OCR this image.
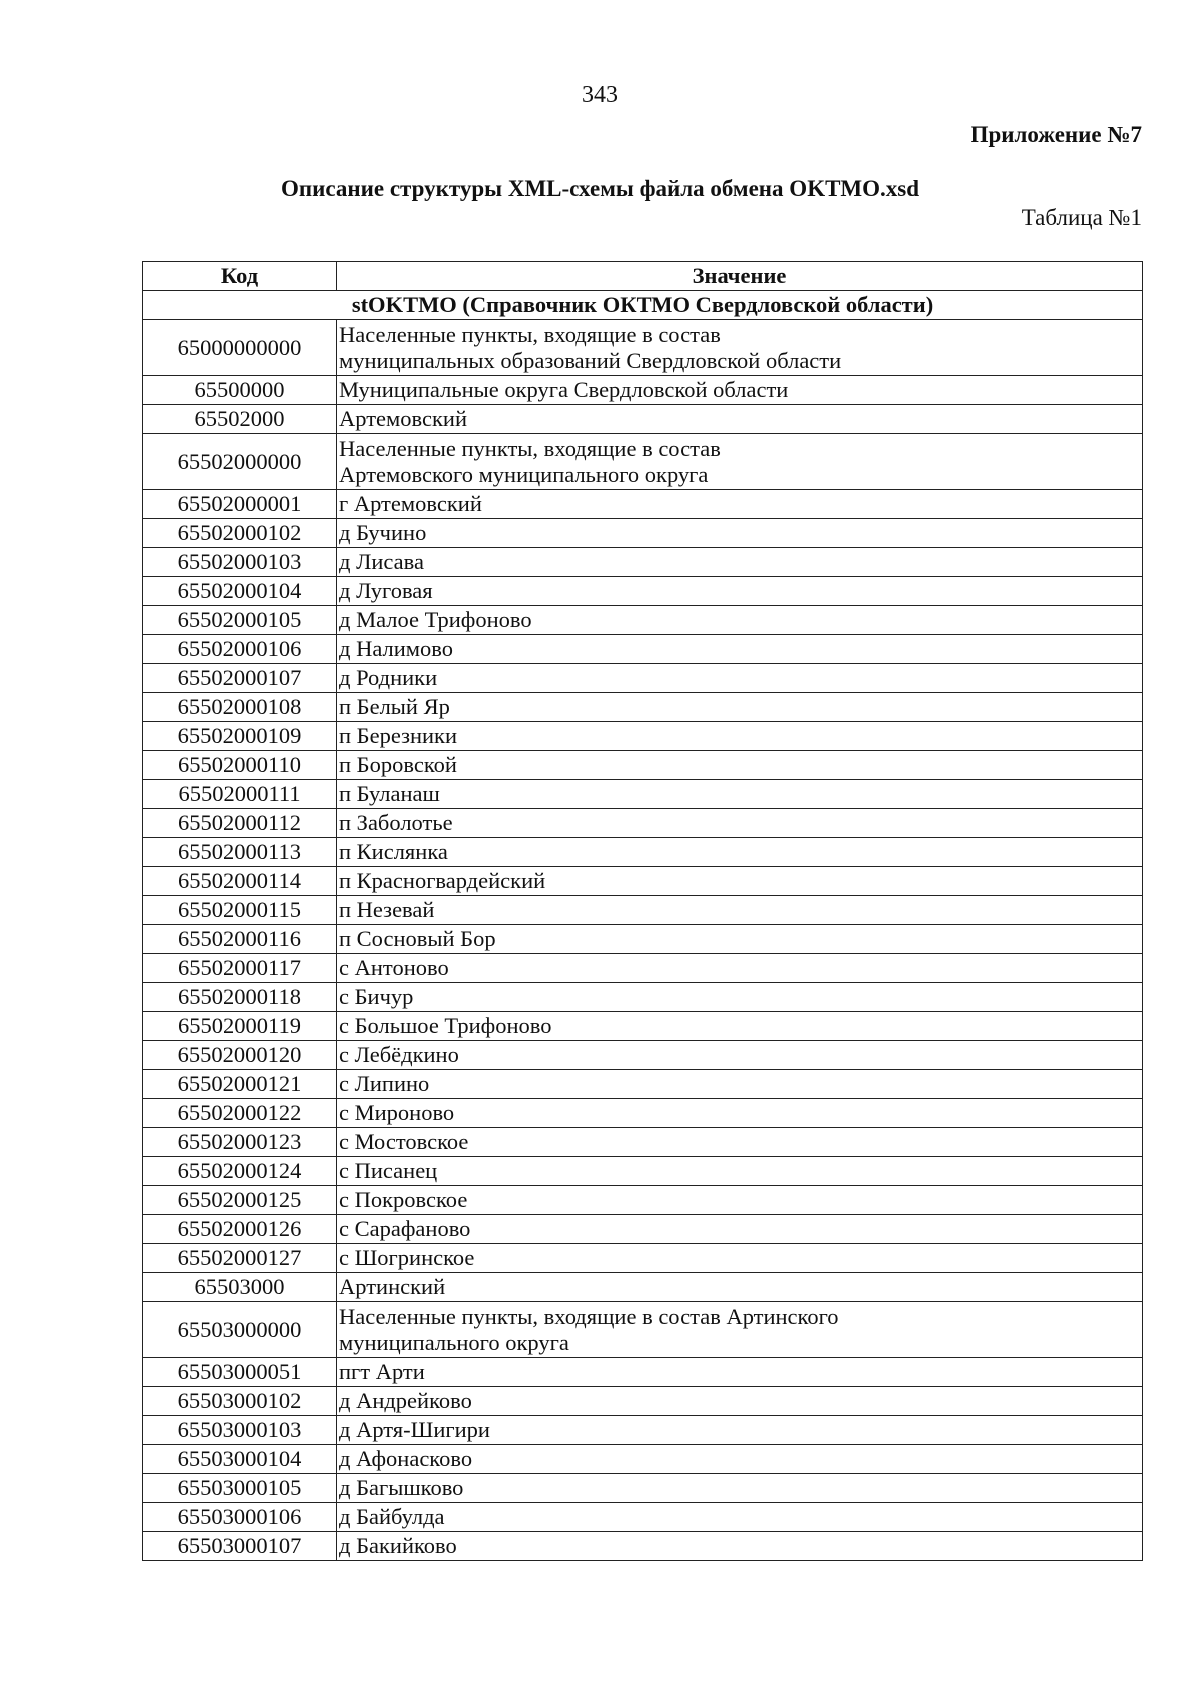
343
Приложение №7
Описание структуры XML-схемы файла обмена OKTMO.xsd
Таблица №1
Код	Значение
stOKTMO (Справочник ОКТМО Свердловской области)	
65000000000	Населенные пункты, входящие в состав
муниципальных образований Свердловской области
65500000	Муниципальные округа Свердловской области
65502000	Артемовский
65502000000	Населенные пункты, входящие в состав
Артемовского муниципального округа
65502000001	г Артемовский
65502000102	д Бучино
65502000103	д Лисава
65502000104	д Луговая
65502000105	д Малое Трифоново
65502000106	д Налимово
65502000107	д Родники
65502000108	п Белый Яр
65502000109	п Березники
65502000110	п Боровской
65502000111	п Буланаш
65502000112	п Заболотье
65502000113	п Кислянка
65502000114	п Красногвардейский
65502000115	п Незевай
65502000116	п Сосновый Бор
65502000117	с Антоново
65502000118	с Бичур
65502000119	с Большое Трифоново
65502000120	с Лебёдкино
65502000121	с Липино
65502000122	с Мироново
65502000123	с Мостовское
65502000124	с Писанец
65502000125	с Покровское
65502000126	с Сарафаново
65502000127	с Шогринское
65503000	Артинский
65503000000	Населенные пункты, входящие в состав Артинского
муниципального округа
65503000051	пгт Арти
65503000102	д Андрейково
65503000103	д Артя-Шигири
65503000104	д Афонасково
65503000105	д Багышково
65503000106	д Байбулда
65503000107	д Бакийково
